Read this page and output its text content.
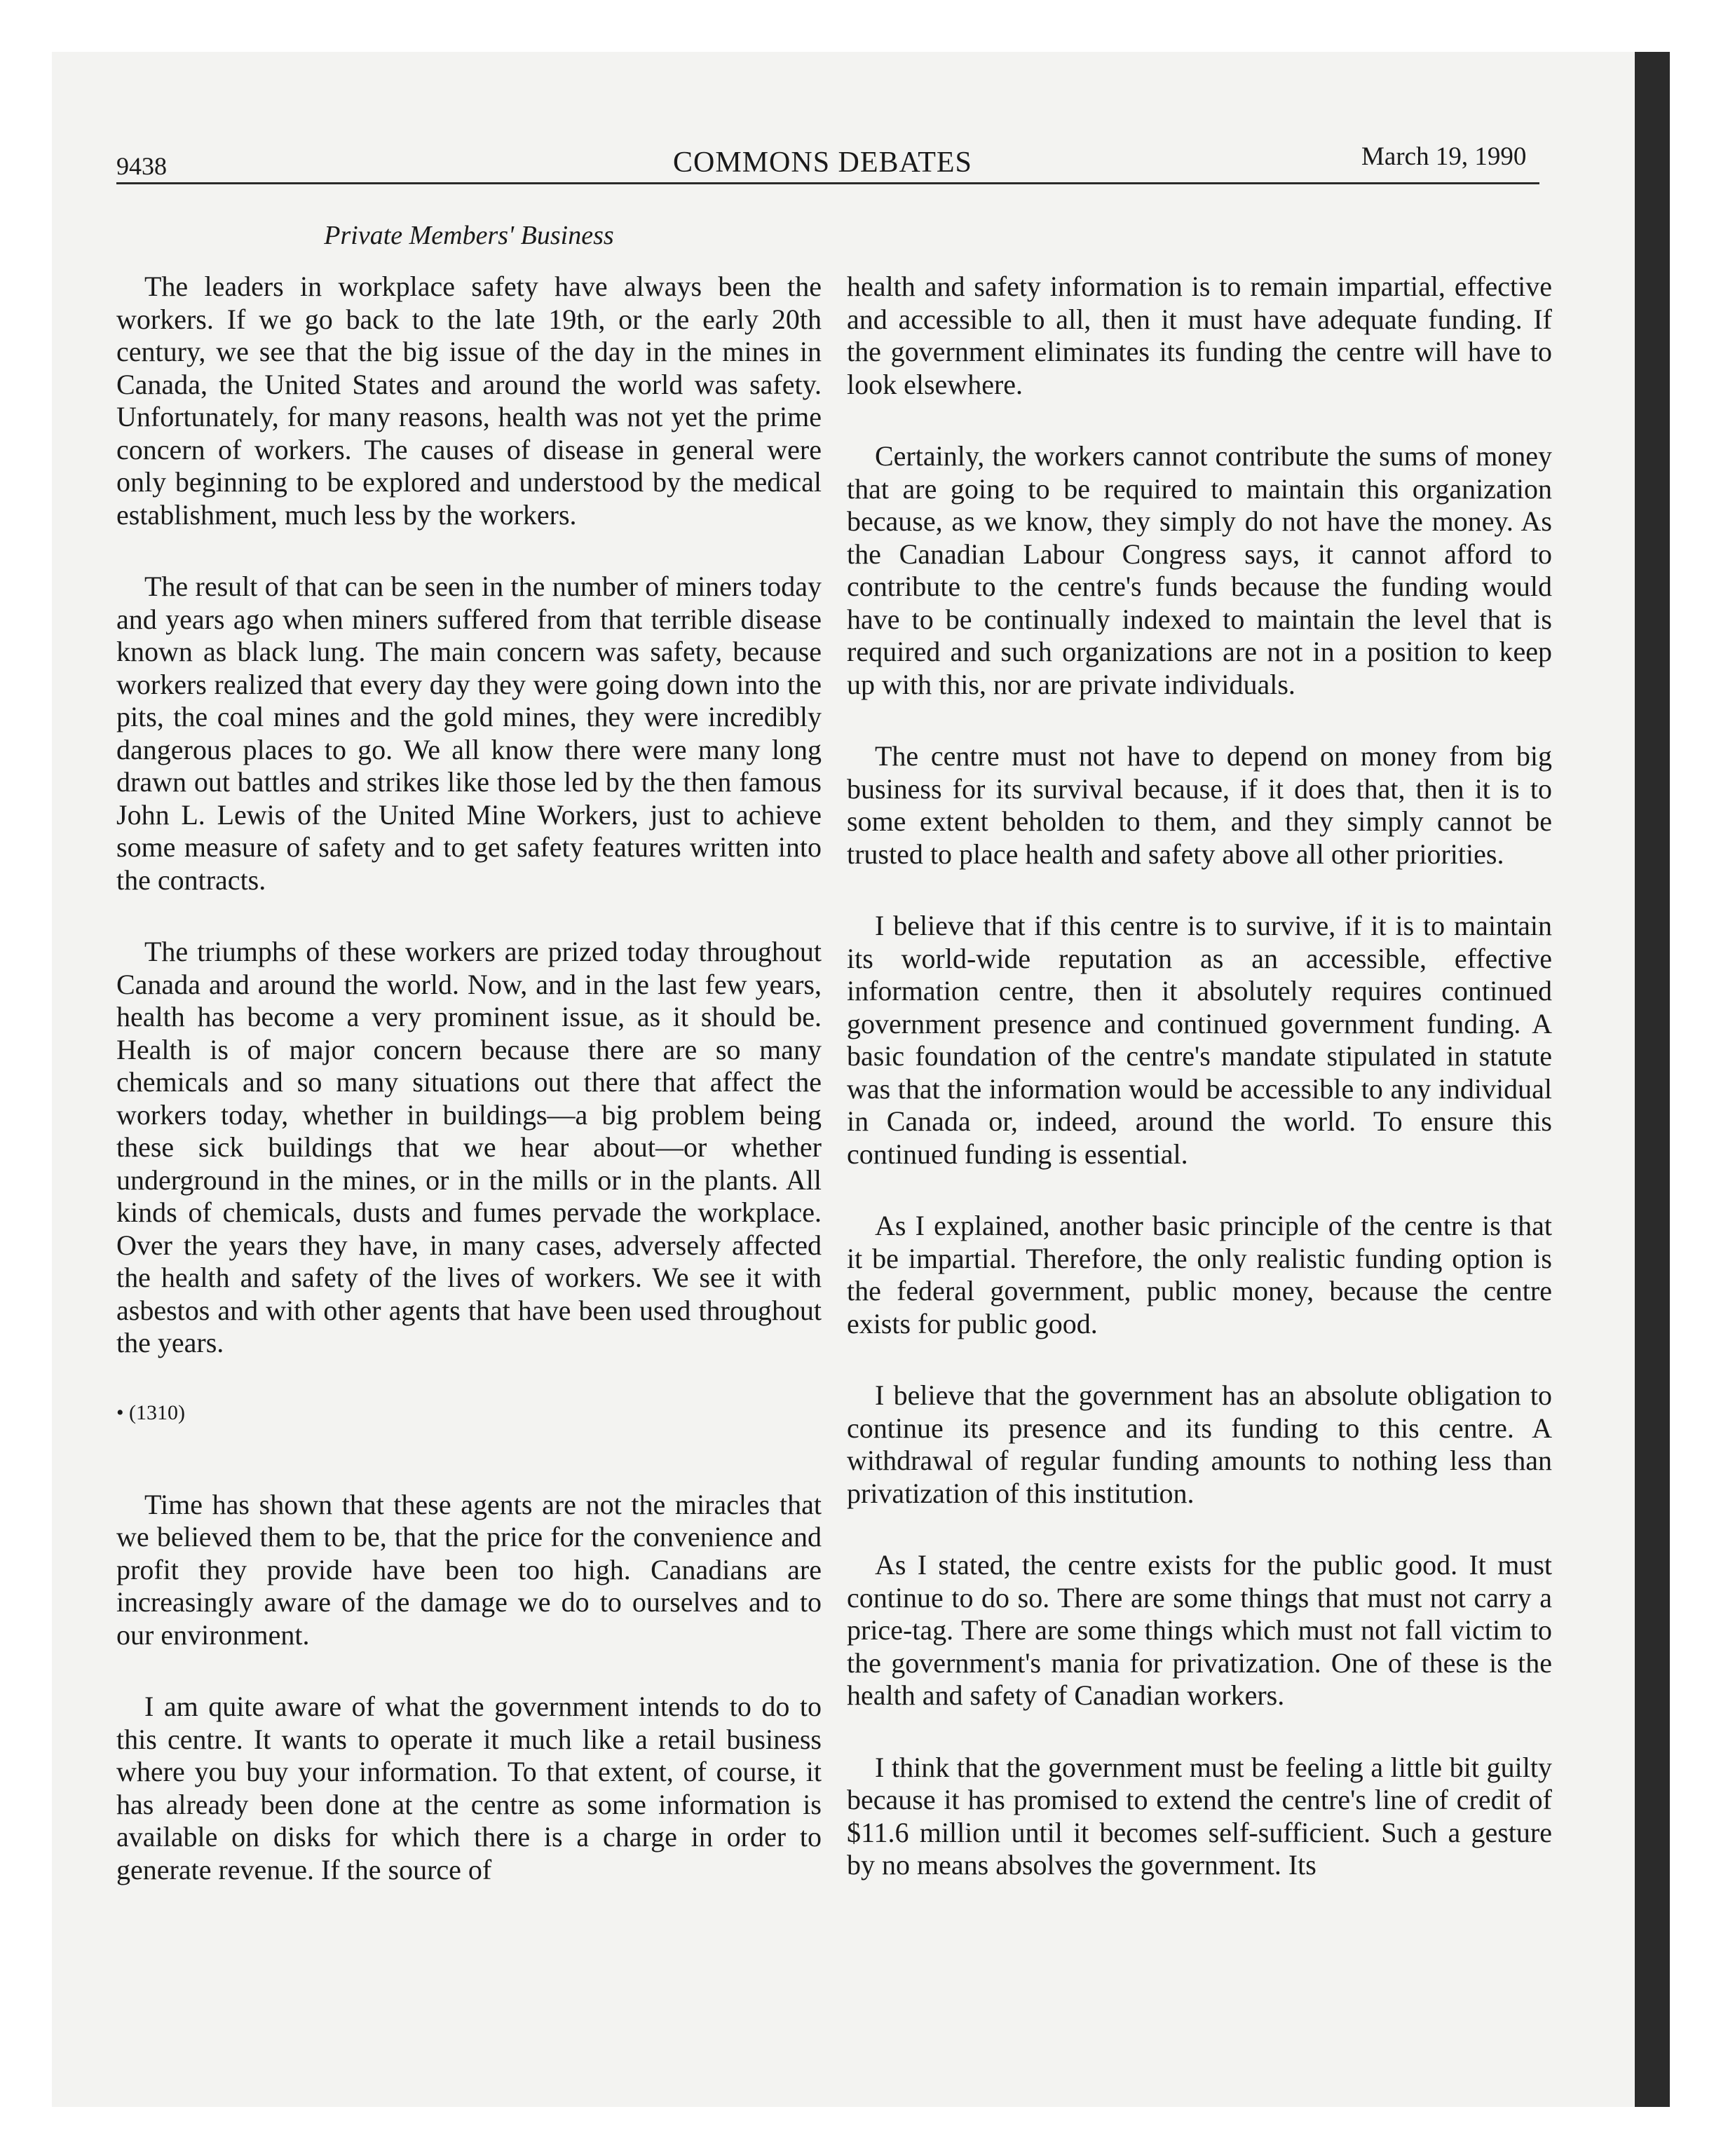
9438	COMMONS DEBATES	March 19, 1990
Private Members' Business

The leaders in workplace safety have always been the workers. If we go back to the late 19th, or the early 20th century, we see that the big issue of the day in the mines in Canada, the United States and around the world was safety. Unfortunately, for many reasons, health was not yet the prime concern of workers. The causes of disease in general were only beginning to be explored and understood by the medical establishment, much less by the workers.

The result of that can be seen in the number of miners today and years ago when miners suffered from that terrible disease known as black lung. The main concern was safety, because workers realized that every day they were going down into the pits, the coal mines and the gold mines, they were incredibly dangerous places to go. We all know there were many long drawn out battles and strikes like those led by the then famous John L. Lewis of the United Mine Workers, just to achieve some measure of safety and to get safety features written into the contracts.

The triumphs of these workers are prized today throughout Canada and around the world. Now, and in the last few years, health has become a very prominent issue, as it should be. Health is of major concern because there are so many chemicals and so many situations out there that affect the workers today, whether in buildings—a big problem being these sick buildings that we hear about—or whether underground in the mines, or in the mills or in the plants. All kinds of chemicals, dusts and fumes pervade the workplace. Over the years they have, in many cases, adversely affected the health and safety of the lives of workers. We see it with asbestos and with other agents that have been used throughout the years.

• (1310)

Time has shown that these agents are not the miracles that we believed them to be, that the price for the convenience and profit they provide have been too high. Canadians are increasingly aware of the damage we do to ourselves and to our environment.

I am quite aware of what the government intends to do to this centre. It wants to operate it much like a retail business where you buy your information. To that extent, of course, it has already been done at the centre as some information is available on disks for which there is a charge in order to generate revenue. If the source of

health and safety information is to remain impartial, effective and accessible to all, then it must have adequate funding. If the government eliminates its funding the centre will have to look elsewhere.

Certainly, the workers cannot contribute the sums of money that are going to be required to maintain this organization because, as we know, they simply do not have the money. As the Canadian Labour Congress says, it cannot afford to contribute to the centre's funds because the funding would have to be continually indexed to maintain the level that is required and such organizations are not in a position to keep up with this, nor are private individuals.

The centre must not have to depend on money from big business for its survival because, if it does that, then it is to some extent beholden to them, and they simply cannot be trusted to place health and safety above all other priorities.

I believe that if this centre is to survive, if it is to maintain its world-wide reputation as an accessible, effective information centre, then it absolutely requires continued government presence and continued government funding. A basic foundation of the centre's mandate stipulated in statute was that the information would be accessible to any individual in Canada or, indeed, around the world. To ensure this continued funding is essential.

As I explained, another basic principle of the centre is that it be impartial. Therefore, the only realistic funding option is the federal government, public money, because the centre exists for public good.

I believe that the government has an absolute obligation to continue its presence and its funding to this centre. A withdrawal of regular funding amounts to nothing less than privatization of this institution.

As I stated, the centre exists for the public good. It must continue to do so. There are some things that must not carry a price-tag. There are some things which must not fall victim to the government's mania for privatization. One of these is the health and safety of Canadian workers.

I think that the government must be feeling a little bit guilty because it has promised to extend the centre's line of credit of $11.6 million until it becomes self-sufficient. Such a gesture by no means absolves the government. Its
